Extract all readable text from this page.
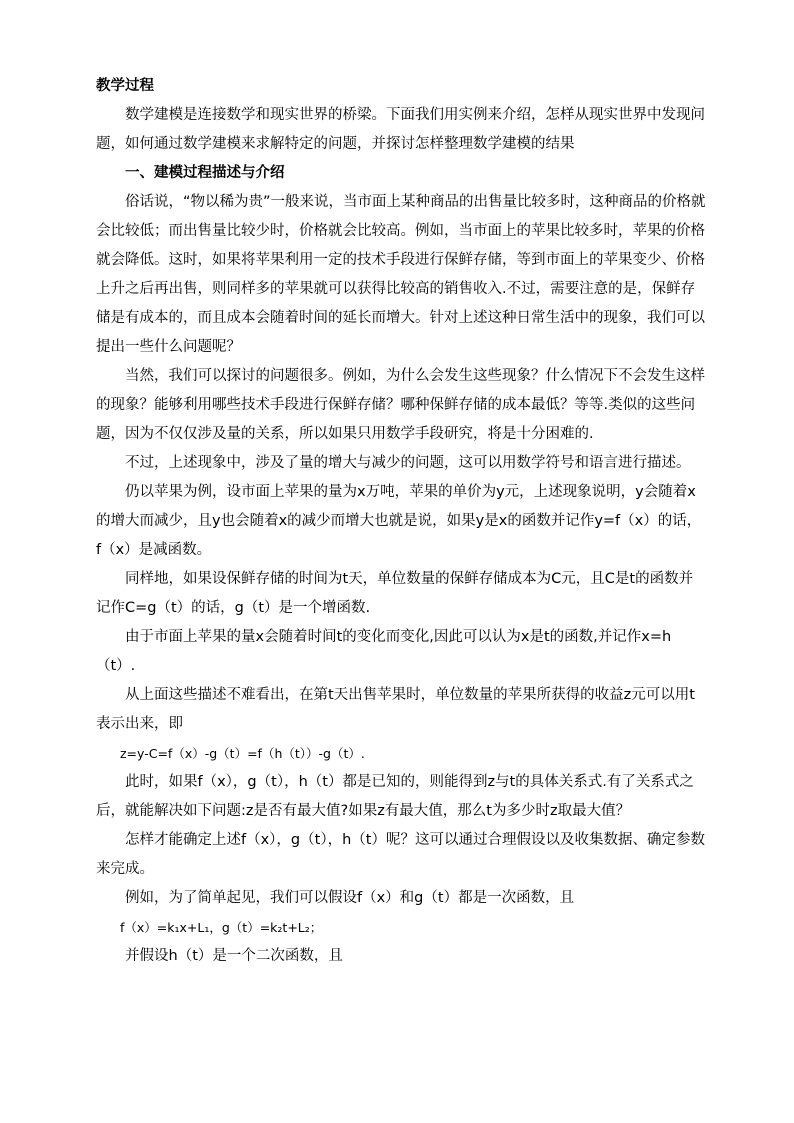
教学过程

数学建模是连接数学和现实世界的桥梁。下面我们用实例来介绍，怎样从现实世界中发现问题，如何通过数学建模来求解特定的问题，并探讨怎样整理数学建模的结果

一、建模过程描述与介绍

俗话说，“物以稀为贵”一般来说，当市面上某种商品的出售量比较多时，这种商品的价格就会比较低；而出售量比较少时，价格就会比较高。例如，当市面上的苹果比较多时，苹果的价格就会降低。这时，如果将苹果利用一定的技术手段进行保鲜存储，等到市面上的苹果变少、价格上升之后再出售，则同样多的苹果就可以获得比较高的销售收入.不过，需要注意的是，保鲜存储是有成本的，而且成本会随着时间的延长而增大。针对上述这种日常生活中的现象，我们可以提出一些什么问题呢？

当然，我们可以探讨的问题很多。例如，为什么会发生这些现象？什么情况下不会发生这样的现象？能够利用哪些技术手段进行保鲜存储？哪种保鲜存储的成本最低？等等.类似的这些问题，因为不仅仅涉及量的关系，所以如果只用数学手段研究，将是十分困难的.

不过，上述现象中，涉及了量的增大与减少的问题，这可以用数学符号和语言进行描述。

仍以苹果为例，设市面上苹果的量为x万吨，苹果的单价为y元，上述现象说明，y会随着x的增大而减少，且y也会随着x的减少而增大也就是说，如果y是x的函数并记作y=f（x）的话，f（x）是减函数。

同样地，如果设保鲜存储的时间为t天，单位数量的保鲜存储成本为C元，且C是t的函数并记作C=g（t）的话，g（t）是一个增函数.

由于市面上苹果的量x会随着时间t的变化而变化,因此可以认为x是t的函数,并记作x=h（t）.

从上面这些描述不难看出，在第t天出售苹果时，单位数量的苹果所获得的收益z元可以用t表示出来，即

z=y-C=f（x）-g（t）=f（h（t））-g（t）.

此时，如果f（x），g（t），h（t）都是已知的，则能得到z与t的具体关系式.有了关系式之后，就能解决如下问题:z是否有最大值?如果z有最大值，那么t为多少时z取最大值？

怎样才能确定上述f（x），g（t），h（t）呢？这可以通过合理假设以及收集数据、确定参数来完成。

例如，为了简单起见，我们可以假设f（x）和g（t）都是一次函数，且

f（x）=k₁x+L₁，g（t）=k₂t+L₂；

并假设h（t）是一个二次函数，且
